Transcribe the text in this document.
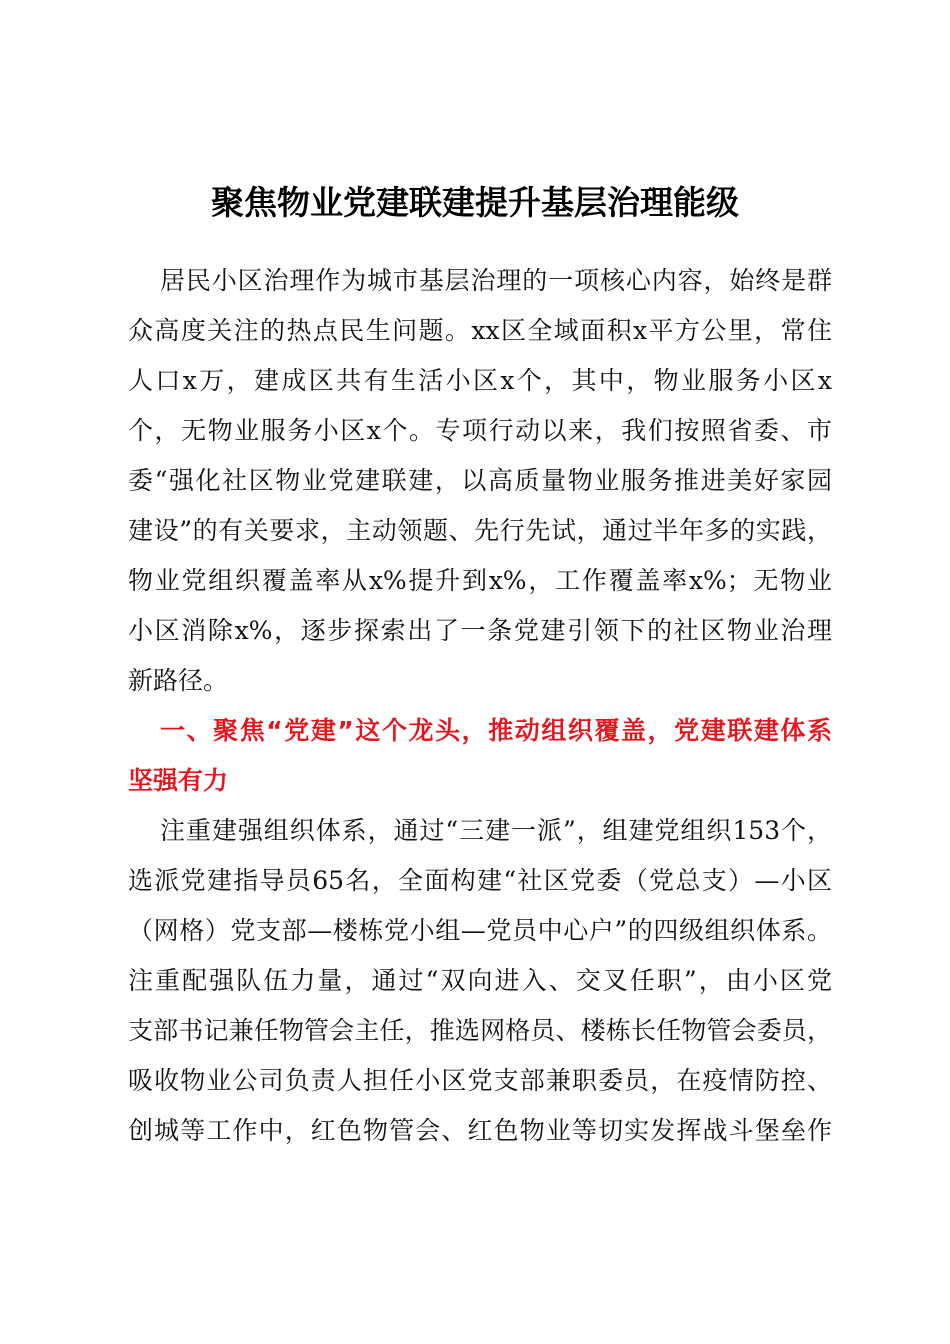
聚焦物业党建联建提升基层治理能级
居民小区治理作为城市基层治理的一项核心内容，始终是群
众高度关注的热点民生问题。xx区全域面积x平方公里，常住
人口x万，建成区共有生活小区x个，其中，物业服务小区x
个，无物业服务小区x个。专项行动以来，我们按照省委、市
委“强化社区物业党建联建，以高质量物业服务推进美好家园
建设”的有关要求，主动领题、先行先试，通过半年多的实践，
物业党组织覆盖率从x%提升到x%，工作覆盖率x%；无物业
小区消除x%，逐步探索出了一条党建引领下的社区物业治理
新路径。
一、聚焦“党建”这个龙头，推动组织覆盖，党建联建体系
坚强有力
注重建强组织体系，通过“三建一派”，组建党组织153个，
选派党建指导员65名，全面构建“社区党委（党总支）—小区
（网格）党支部—楼栋党小组—党员中心户”的四级组织体系。
注重配强队伍力量，通过“双向进入、交叉任职”，由小区党
支部书记兼任物管会主任，推选网格员、楼栋长任物管会委员，
吸收物业公司负责人担任小区党支部兼职委员，在疫情防控、
创城等工作中，红色物管会、红色物业等切实发挥战斗堡垒作
